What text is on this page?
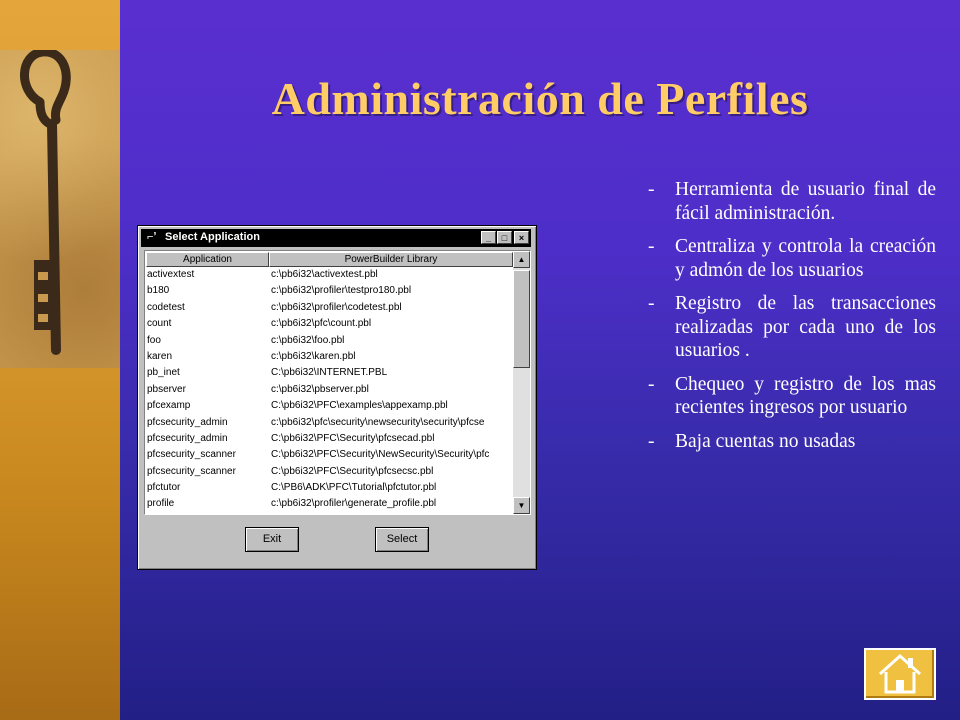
Administración de Perfiles
⌐ʼ Select Application	_	□	×
Application	PowerBuilder Library
activextest	c:\pb6i32\activextest.pbl
b180	c:\pb6i32\profiler\testpro180.pbl
codetest	c:\pb6i32\profiler\codetest.pbl
count	c:\pb6i32\pfc\count.pbl
foo	c:\pb6i32\foo.pbl
karen	c:\pb6i32\karen.pbl
pb_inet	C:\pb6i32\INTERNET.PBL
pbserver	c:\pb6i32\pbserver.pbl
pfcexamp	C:\pb6i32\PFC\examples\appexamp.pbl
pfcsecurity_admin	c:\pb6i32\pfc\security\newsecurity\security\pfcse
pfcsecurity_admin	C:\pb6i32\PFC\Security\pfcsecad.pbl
pfcsecurity_scanner	C:\pb6i32\PFC\Security\NewSecurity\Security\pfc
pfcsecurity_scanner	C:\pb6i32\PFC\Security\pfcsecsc.pbl
pfctutor	C:\PB6\ADK\PFC\Tutorial\pfctutor.pbl
profile	c:\pb6i32\profiler\generate_profile.pbl
▲
▼
Exit	Select
- Herramienta de usuario final de fácil administración.
- Centraliza y controla la creación y admón de los usuarios
- Registro de las transacciones realizadas por cada uno de los usuarios .
- Chequeo y registro de los mas recientes ingresos por usuario
- Baja cuentas no usadas
